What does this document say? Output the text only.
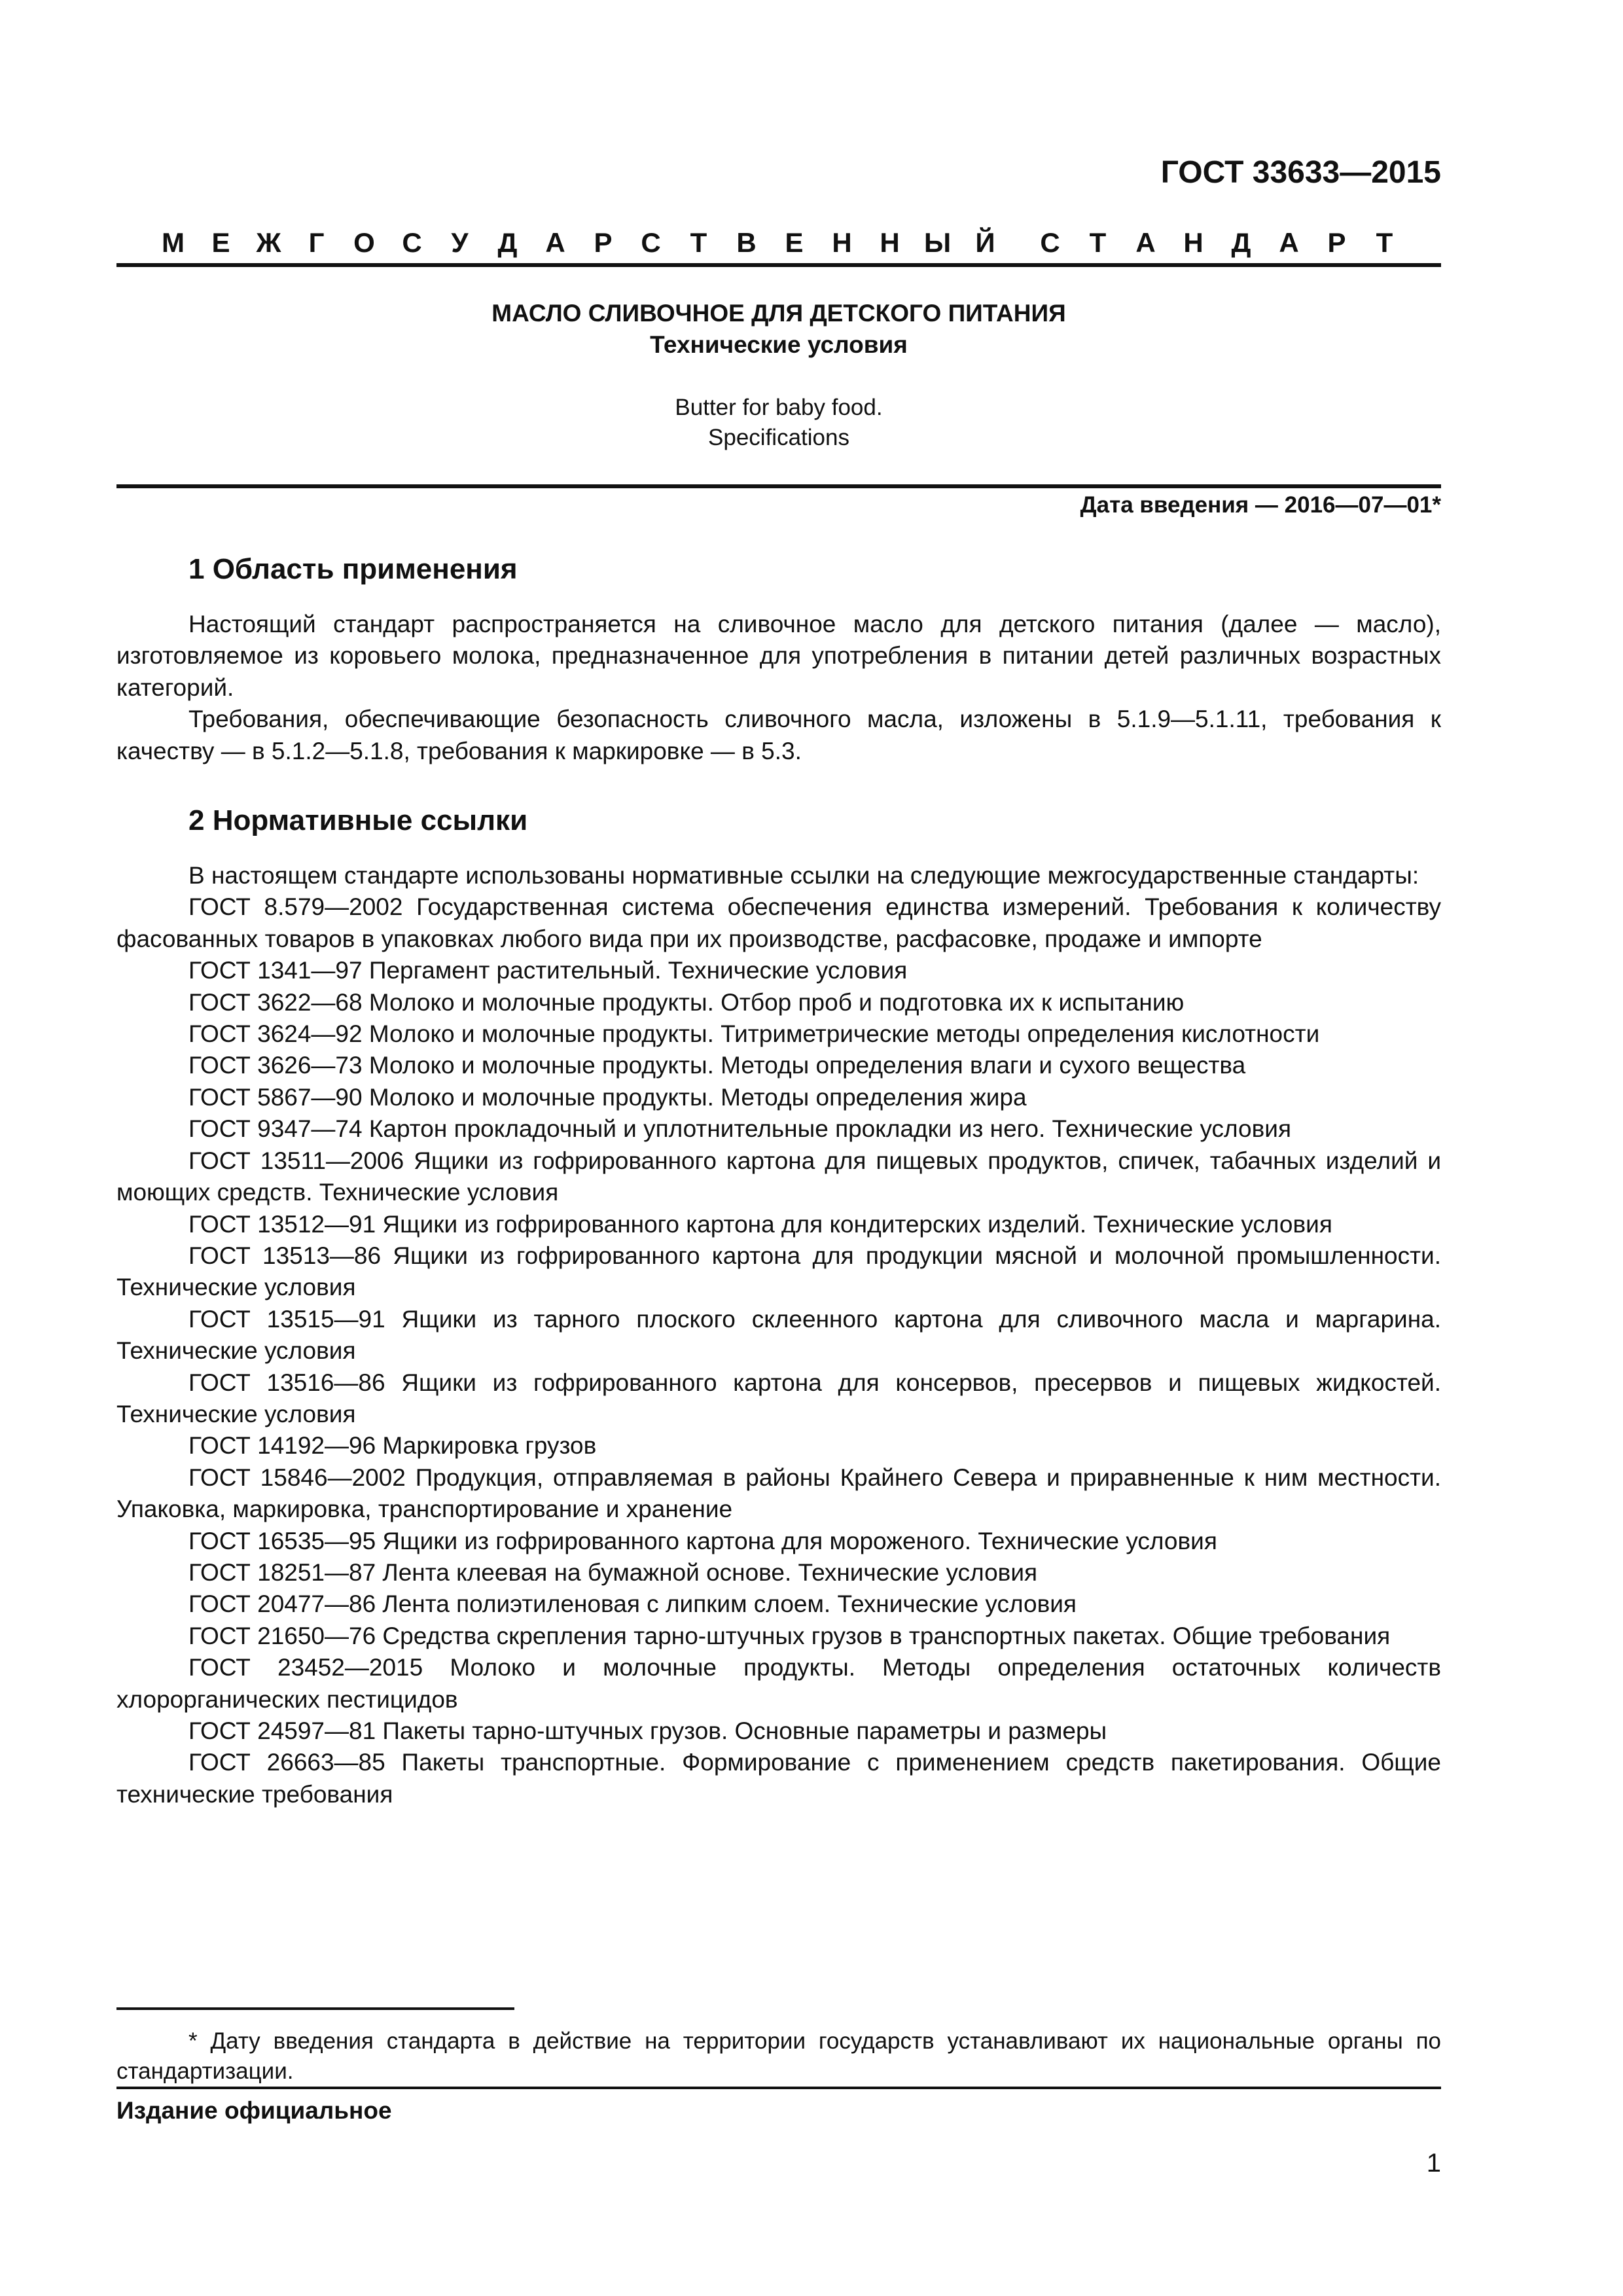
ГОСТ 33633—2015
М Е Ж	Г	О С	У	Д	А	Р	С	Т	В	Е	Н	Н Ы Й	С	Т	А	Н	Д	А	Р	Т
МАСЛО СЛИВОЧНОЕ ДЛЯ ДЕТСКОГО ПИТАНИЯ
Технические условия
Butter for baby food.
Specifications
Дата введения — 2016—07—01*
1 Область применения

Настоящий стандарт распространяется на сливочное масло для детского питания (далее — масло), изготовляемое из коровьего молока, предназначенное для употребления в питании детей различных возрастных категорий.

Требования, обеспечивающие безопасность сливочного масла, изложены в 5.1.9—5.1.11, требования к качеству — в 5.1.2—5.1.8, требования к маркировке — в 5.3.

2 Нормативные ссылки

В настоящем стандарте использованы нормативные ссылки на следующие межгосударственные стандарты:

ГОСТ 8.579—2002 Государственная система обеспечения единства измерений. Требования к количеству фасованных товаров в упаковках любого вида при их производстве, расфасовке, продаже и импорте

ГОСТ 1341—97 Пергамент растительный. Технические условия

ГОСТ 3622—68 Молоко и молочные продукты. Отбор проб и подготовка их к испытанию

ГОСТ 3624—92 Молоко и молочные продукты. Титриметрические методы определения кислотности

ГОСТ 3626—73 Молоко и молочные продукты. Методы определения влаги и сухого вещества

ГОСТ 5867—90 Молоко и молочные продукты. Методы определения жира

ГОСТ 9347—74 Картон прокладочный и уплотнительные прокладки из него. Технические условия

ГОСТ 13511—2006 Ящики из гофрированного картона для пищевых продуктов, спичек, табачных изделий и моющих средств. Технические условия

ГОСТ 13512—91 Ящики из гофрированного картона для кондитерских изделий. Технические условия

ГОСТ 13513—86 Ящики из гофрированного картона для продукции мясной и молочной промышленности. Технические условия

ГОСТ 13515—91 Ящики из тарного плоского склеенного картона для сливочного масла и маргарина. Технические условия

ГОСТ 13516—86 Ящики из гофрированного картона для консервов, пресервов и пищевых жидкостей. Технические условия

ГОСТ 14192—96 Маркировка грузов

ГОСТ 15846—2002 Продукция, отправляемая в районы Крайнего Севера и приравненные к ним местности. Упаковка, маркировка, транспортирование и хранение

ГОСТ 16535—95 Ящики из гофрированного картона для мороженого. Технические условия

ГОСТ 18251—87 Лента клеевая на бумажной основе. Технические условия

ГОСТ 20477—86 Лента полиэтиленовая с липким слоем. Технические условия

ГОСТ 21650—76 Средства скрепления тарно-штучных грузов в транспортных пакетах. Общие требования

ГОСТ 23452—2015 Молоко и молочные продукты. Методы определения остаточных количеств хлорорганических пестицидов

ГОСТ 24597—81 Пакеты тарно-штучных грузов. Основные параметры и размеры

ГОСТ 26663—85 Пакеты транспортные. Формирование с применением средств пакетирования. Общие технические требования

* Дату введения стандарта в действие на территории государств устанавливают их национальные органы по стандартизации.
Издание официальное
1
